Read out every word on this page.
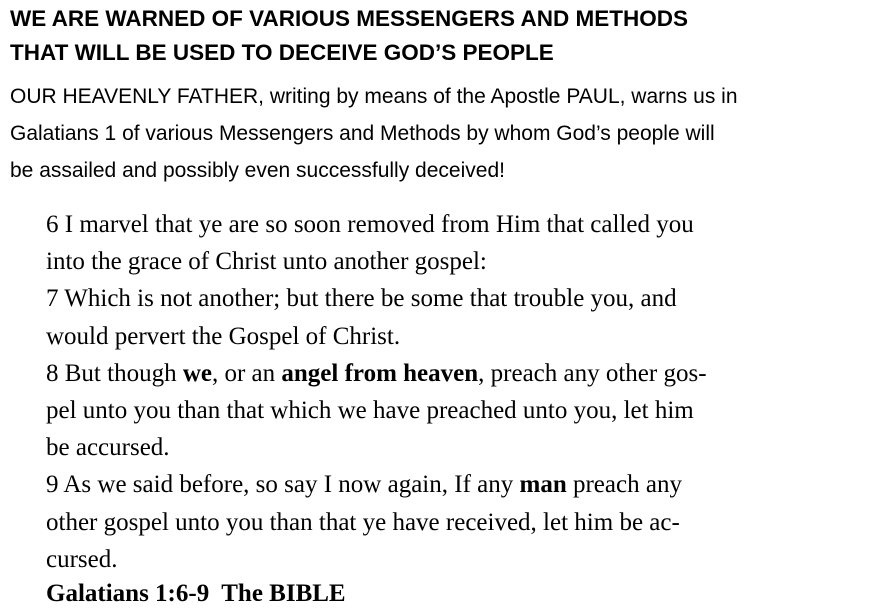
WE ARE WARNED OF VARIOUS MESSENGERS AND METHODS
THAT WILL BE USED TO DECEIVE GOD’S PEOPLE
OUR HEAVENLY FATHER, writing by means of the Apostle PAUL, warns us in
Galatians 1 of various Messengers and Methods by whom God’s people will
be assailed and possibly even successfully deceived!
6 I marvel that ye are so soon removed from Him that called you
into the grace of Christ unto another gospel:
7 Which is not another; but there be some that trouble you, and
would pervert the Gospel of Christ.
8 But though we, or an angel from heaven, preach any other gos-
pel unto you than that which we have preached unto you, let him
be accursed.
9 As we said before, so say I now again, If any man preach any
other gospel unto you than that ye have received, let him be ac-
cursed.
Galatians 1:6-9  The BIBLE
